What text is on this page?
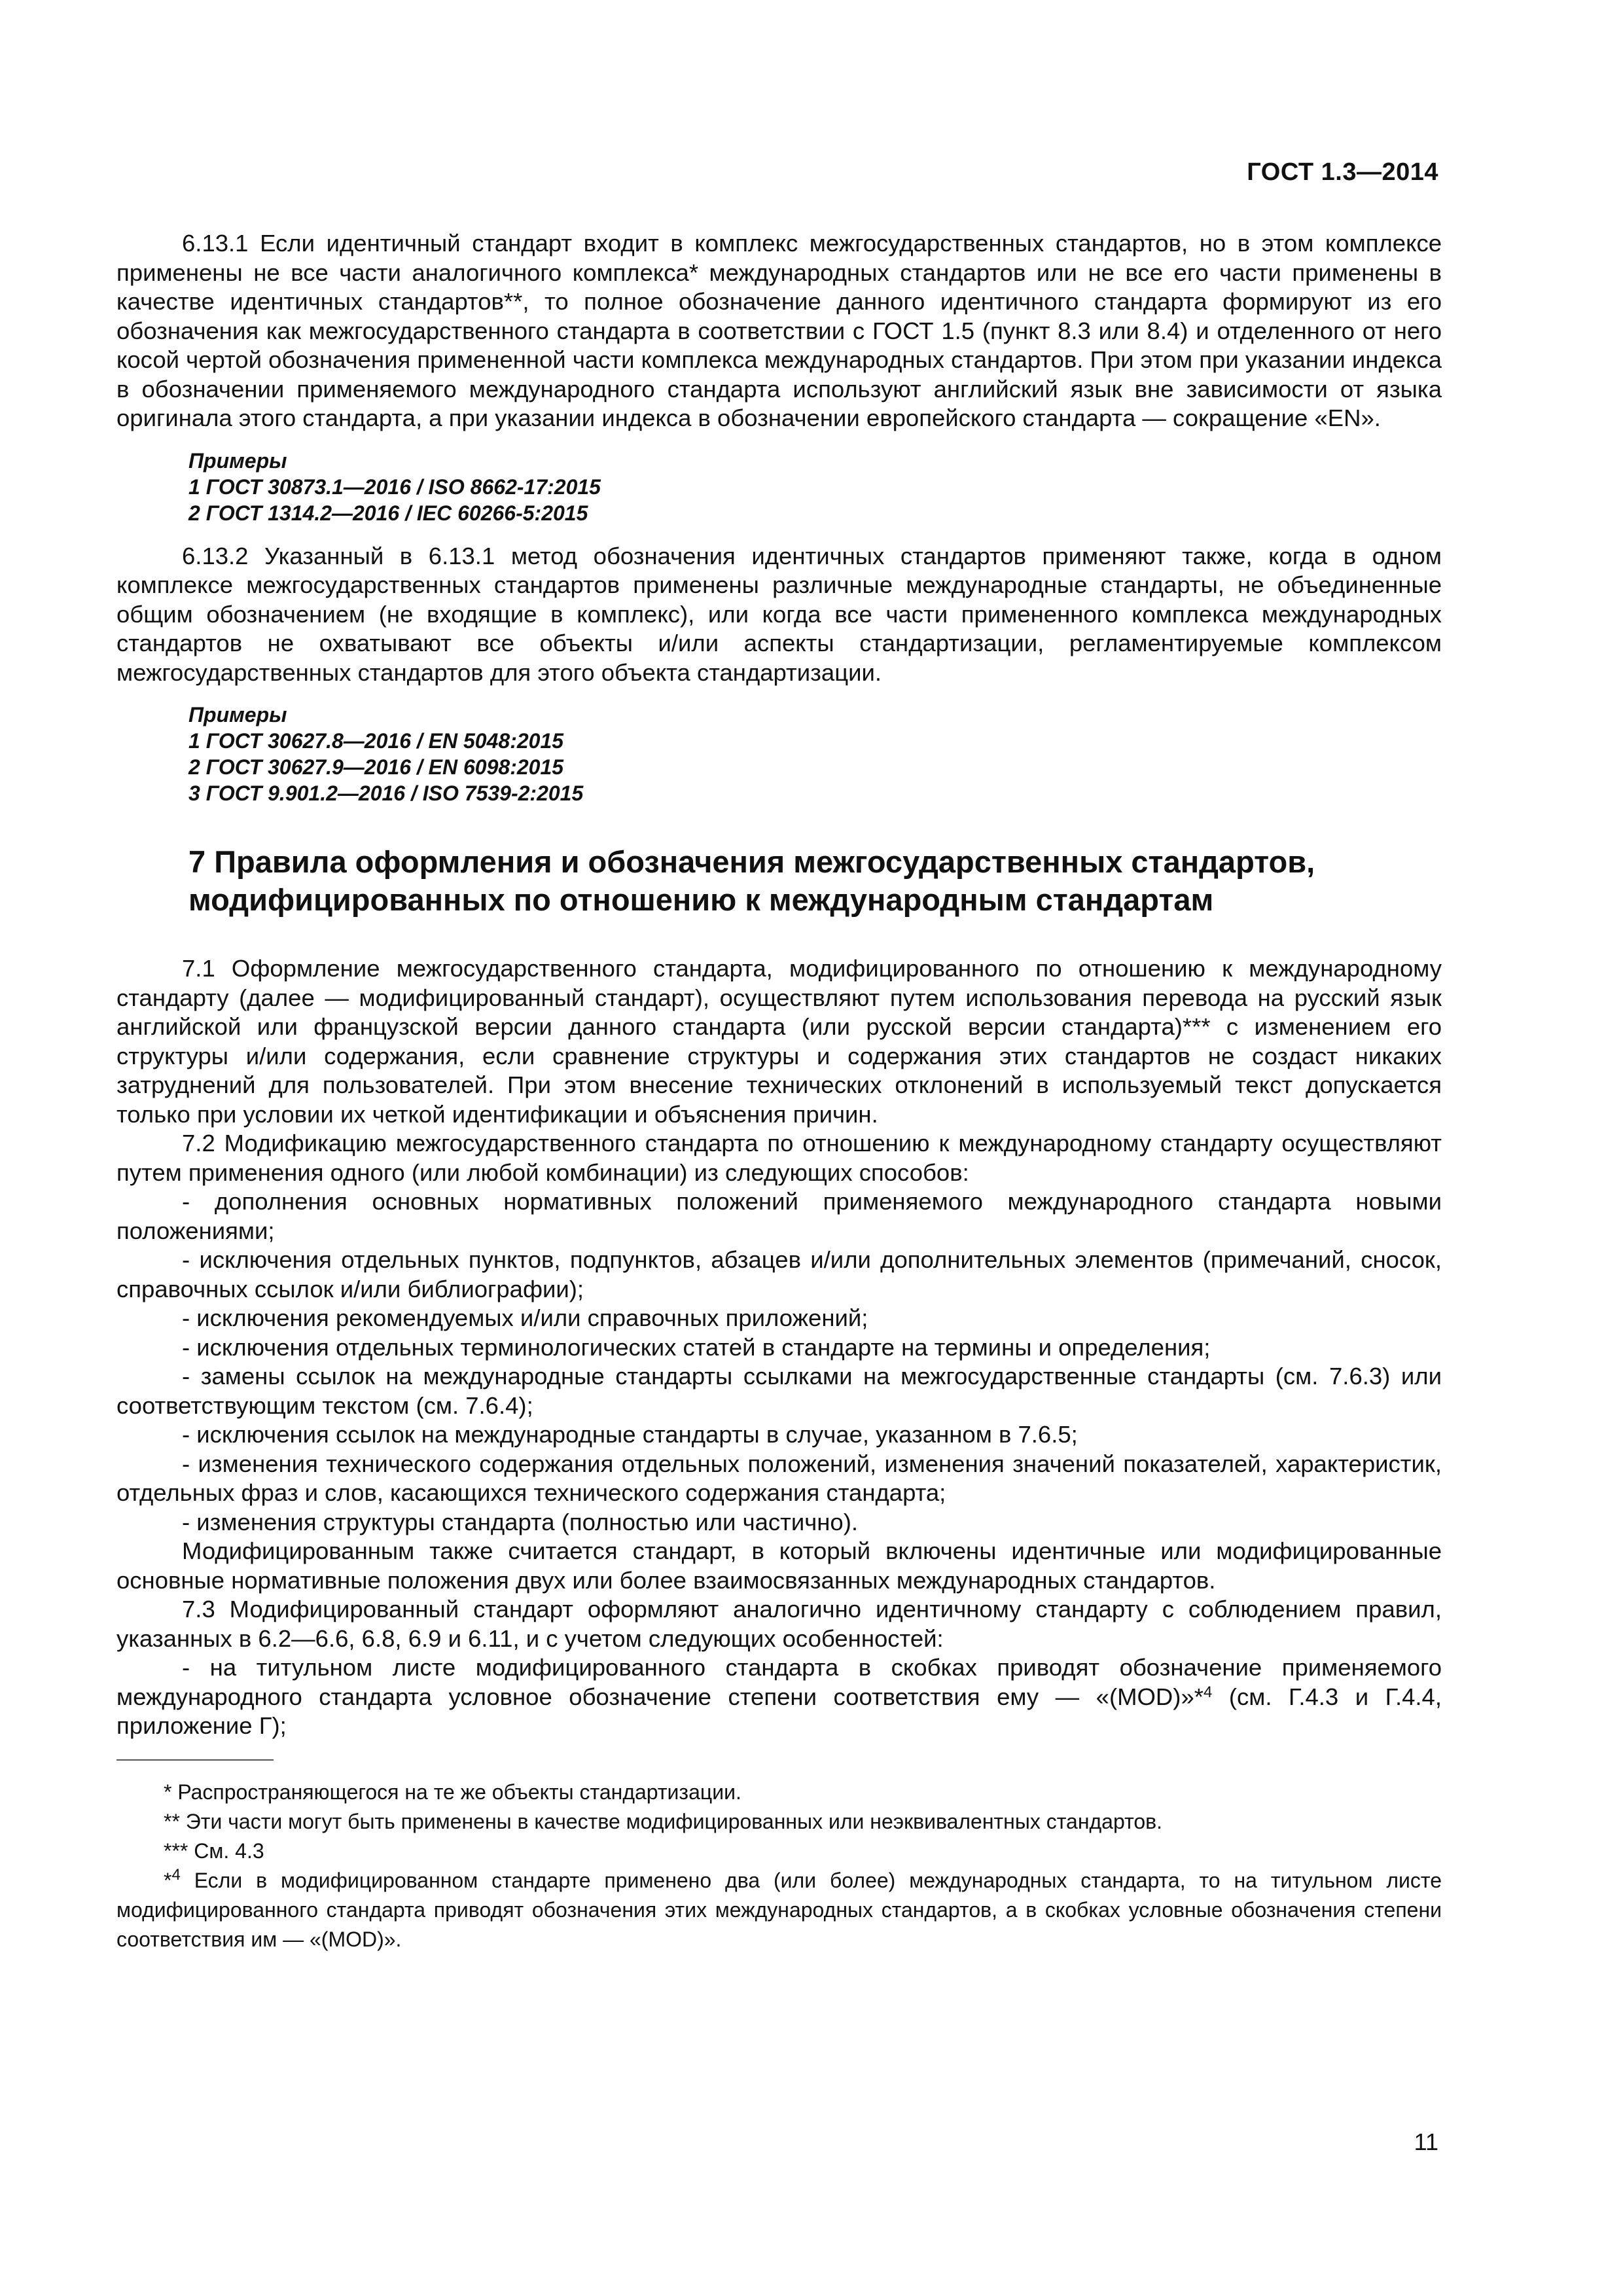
ГОСТ 1.3—2014

6.13.1 Если идентичный стандарт входит в комплекс межгосударственных стандартов, но в этом комплексе применены не все части аналогичного комплекса* международных стандартов или не все его части применены в качестве идентичных стандартов**, то полное обозначение данного идентичного стандарта формируют из его обозначения как межгосударственного стандарта в соответствии с ГОСТ 1.5 (пункт 8.3 или 8.4) и отделенного от него косой чертой обозначения примененной части комплекса международных стандартов. При этом при указании индекса в обозначении применяемого международного стандарта используют английский язык вне зависимости от языка оригинала этого стандарта, а при указании индекса в обозначении европейского стандарта — сокращение «EN».

Примеры
1 ГОСТ 30873.1—2016 / ISO 8662-17:2015
2 ГОСТ 1314.2—2016 / IEC 60266-5:2015

6.13.2 Указанный в 6.13.1 метод обозначения идентичных стандартов применяют также, когда в одном комплексе межгосударственных стандартов применены различные международные стандарты, не объединенные общим обозначением (не входящие в комплекс), или когда все части примененного комплекса международных стандартов не охватывают все объекты и/или аспекты стандартизации, регламентируемые комплексом межгосударственных стандартов для этого объекта стандартизации.

Примеры
1 ГОСТ 30627.8—2016 / EN 5048:2015
2 ГОСТ 30627.9—2016 / EN 6098:2015
3 ГОСТ 9.901.2—2016 / ISO 7539-2:2015
7 Правила оформления и обозначения межгосударственных стандартов,
модифицированных по отношению к международным стандартам

7.1 Оформление межгосударственного стандарта, модифицированного по отношению к международному стандарту (далее — модифицированный стандарт), осуществляют путем использования перевода на русский язык английской или французской версии данного стандарта (или русской версии стандарта)*** с изменением его структуры и/или содержания, если сравнение структуры и содержания этих стандартов не создаст никаких затруднений для пользователей. При этом внесение технических отклонений в используемый текст допускается только при условии их четкой идентификации и объяснения причин.

7.2 Модификацию межгосударственного стандарта по отношению к международному стандарту осуществляют путем применения одного (или любой комбинации) из следующих способов:

- дополнения основных нормативных положений применяемого международного стандарта новыми положениями;

- исключения отдельных пунктов, подпунктов, абзацев и/или дополнительных элементов (примечаний, сносок, справочных ссылок и/или библиографии);

- исключения рекомендуемых и/или справочных приложений;

- исключения отдельных терминологических статей в стандарте на термины и определения;

- замены ссылок на международные стандарты ссылками на межгосударственные стандарты (см. 7.6.3) или соответствующим текстом (см. 7.6.4);

- исключения ссылок на международные стандарты в случае, указанном в 7.6.5;

- изменения технического содержания отдельных положений, изменения значений показателей, характеристик, отдельных фраз и слов, касающихся технического содержания стандарта;

- изменения структуры стандарта (полностью или частично).

Модифицированным также считается стандарт, в который включены идентичные или модифицированные основные нормативные положения двух или более взаимосвязанных международных стандартов.

7.3 Модифицированный стандарт оформляют аналогично идентичному стандарту с соблюдением правил, указанных в 6.2—6.6, 6.8, 6.9 и 6.11, и с учетом следующих особенностей:

- на титульном листе модифицированного стандарта в скобках приводят обозначение применяемого международного стандарта условное обозначение степени соответствия ему — «(MOD)»*$^4$ (см. Г.4.3 и Г.4.4, приложение Г);

* Распространяющегося на те же объекты стандартизации.

** Эти части могут быть применены в качестве модифицированных или неэквивалентных стандартов.

*** См. 4.3

*$^4$ Если в модифицированном стандарте применено два (или более) международных стандарта, то на титульном листе модифицированного стандарта приводят обозначения этих международных стандартов, а в скобках условные обозначения степени соответствия им — «(MOD)».

11
